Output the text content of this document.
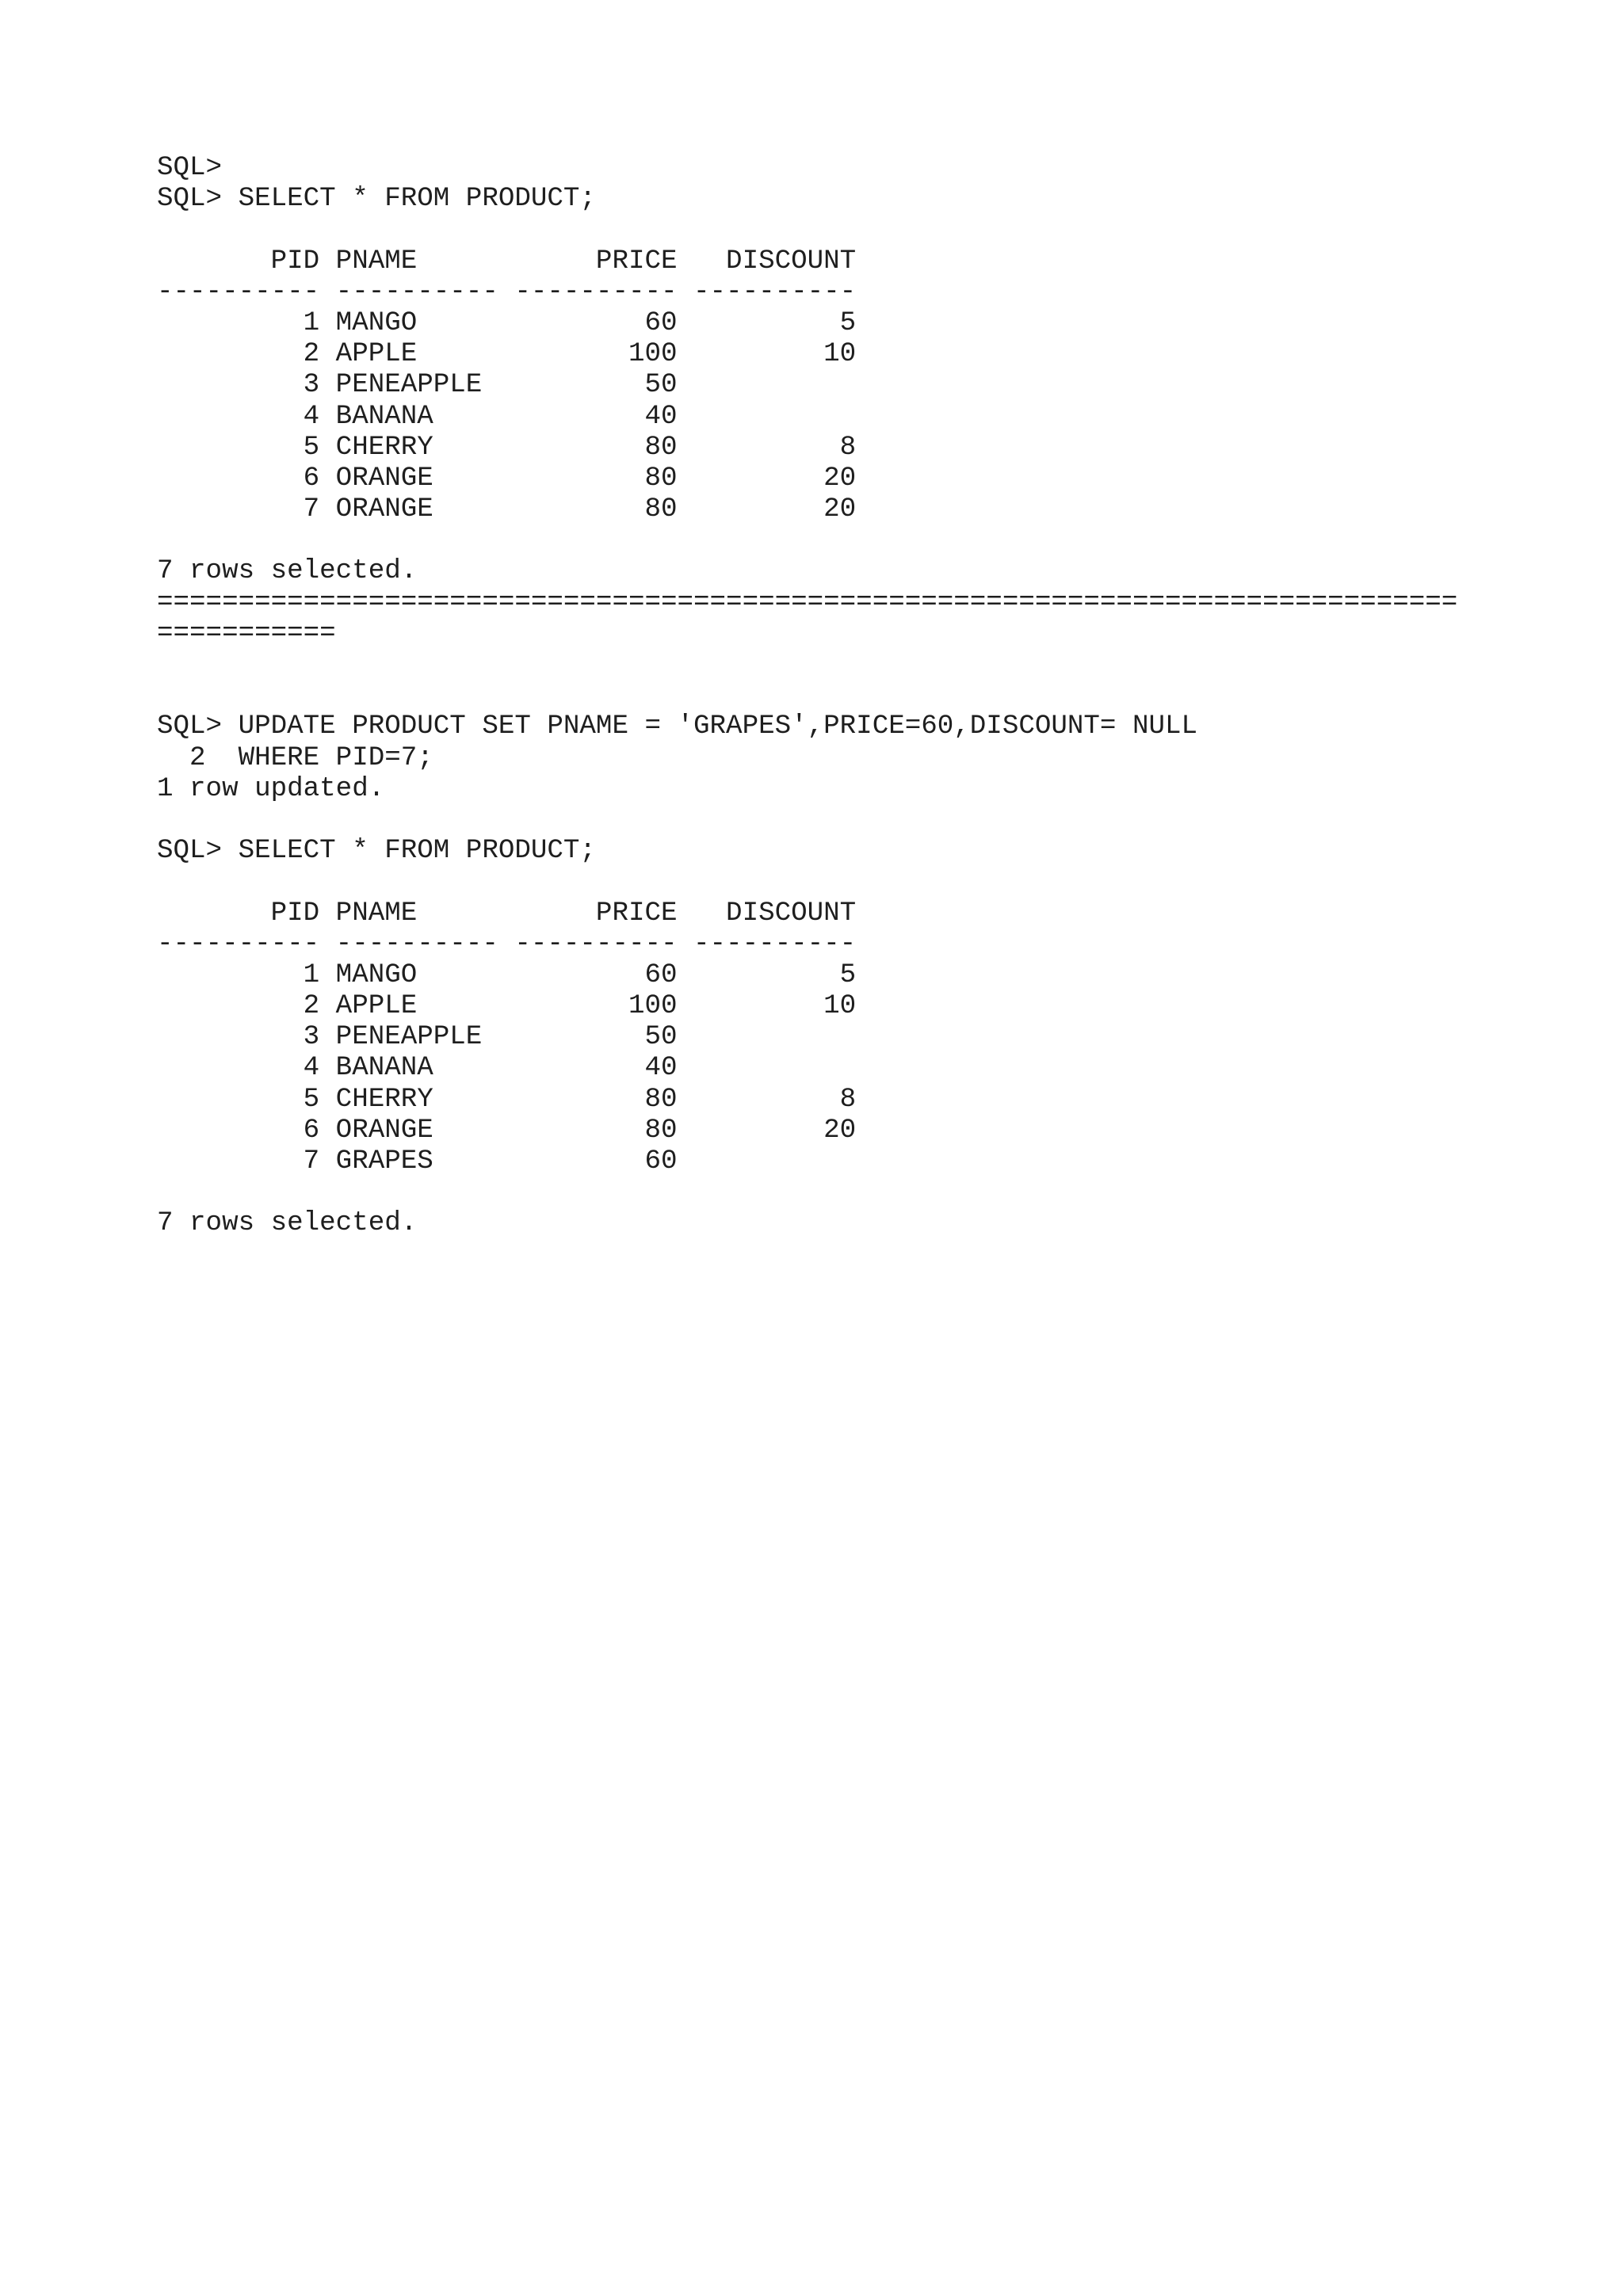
SQL>
SQL> SELECT * FROM PRODUCT;
PID PNAME           PRICE   DISCOUNT
---------- ---------- ---------- ----------
1 MANGO              60          5
2 APPLE             100         10
3 PENEAPPLE          50
4 BANANA             40
5 CHERRY             80          8
6 ORANGE             80         20
7 ORANGE             80         20
7 rows selected.
================================================================================
===========
SQL> UPDATE PRODUCT SET PNAME = 'GRAPES',PRICE=60,DISCOUNT= NULL
2  WHERE PID=7;
1 row updated.
SQL> SELECT * FROM PRODUCT;
PID PNAME           PRICE   DISCOUNT
---------- ---------- ---------- ----------
1 MANGO              60          5
2 APPLE             100         10
3 PENEAPPLE          50
4 BANANA             40
5 CHERRY             80          8
6 ORANGE             80         20
7 GRAPES             60
7 rows selected.
